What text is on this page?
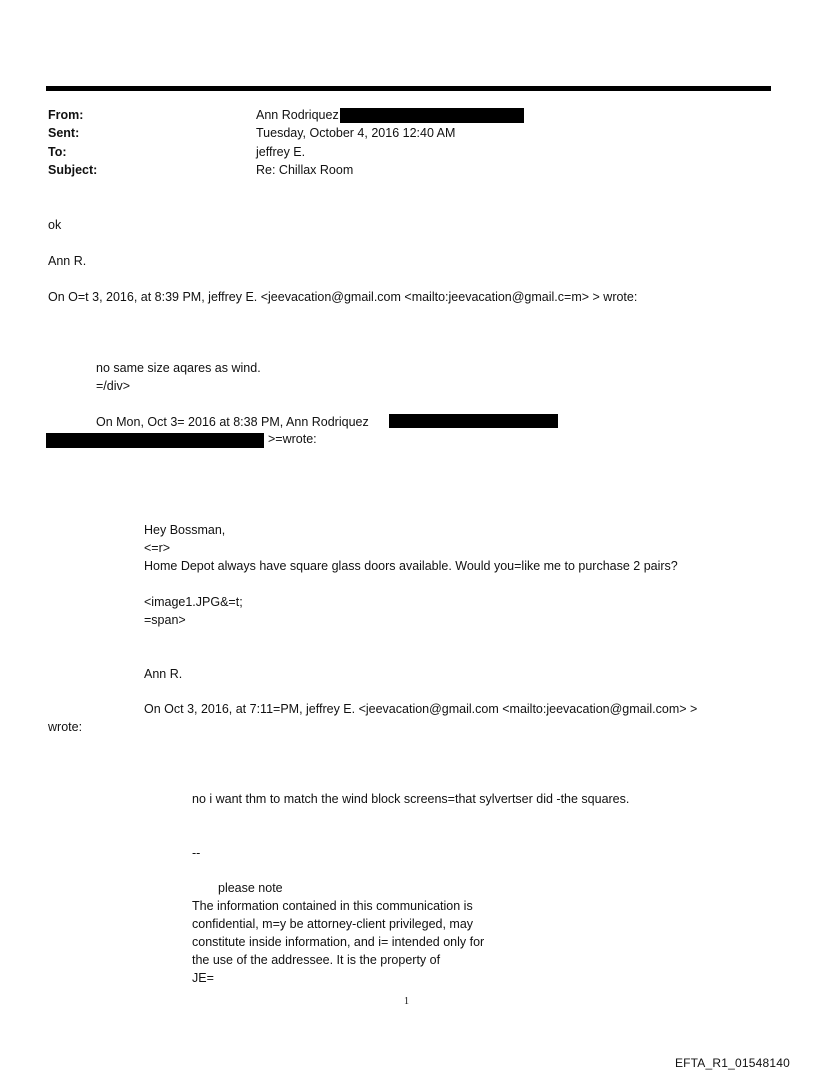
From:	Ann Rodriquez
Sent:	Tuesday, October 4, 2016 12:40 AM
To:	jeffrey E.
Subject:	Re: Chillax Room
ok
Ann R.
On O=t 3, 2016, at 8:39 PM, jeffrey E. <jeevacation@gmail.com <mailto:jeevacation@gmail.c=m> > wrote:
no same size aqares as wind.
=/div>
On Mon, Oct 3= 2016 at 8:38 PM, Ann Rodriquez
>=wrote:
Hey Bossman,
<=r>
Home Depot always have square glass doors available. Would you=like me to purchase 2 pairs?
<image1.JPG&=t;
=span>
Ann R.
On Oct 3, 2016, at 7:11=PM, jeffrey E. <jeevacation@gmail.com <mailto:jeevacation@gmail.com> >
wrote:
no i want thm to match the wind block screens=that sylvertser did -the squares.
--
please note
The information contained in this communication is
confidential, m=y be attorney-client privileged, may
constitute inside information, and i= intended only for
the use of the addressee. It is the property of
JE=
1
EFTA_R1_01548140
